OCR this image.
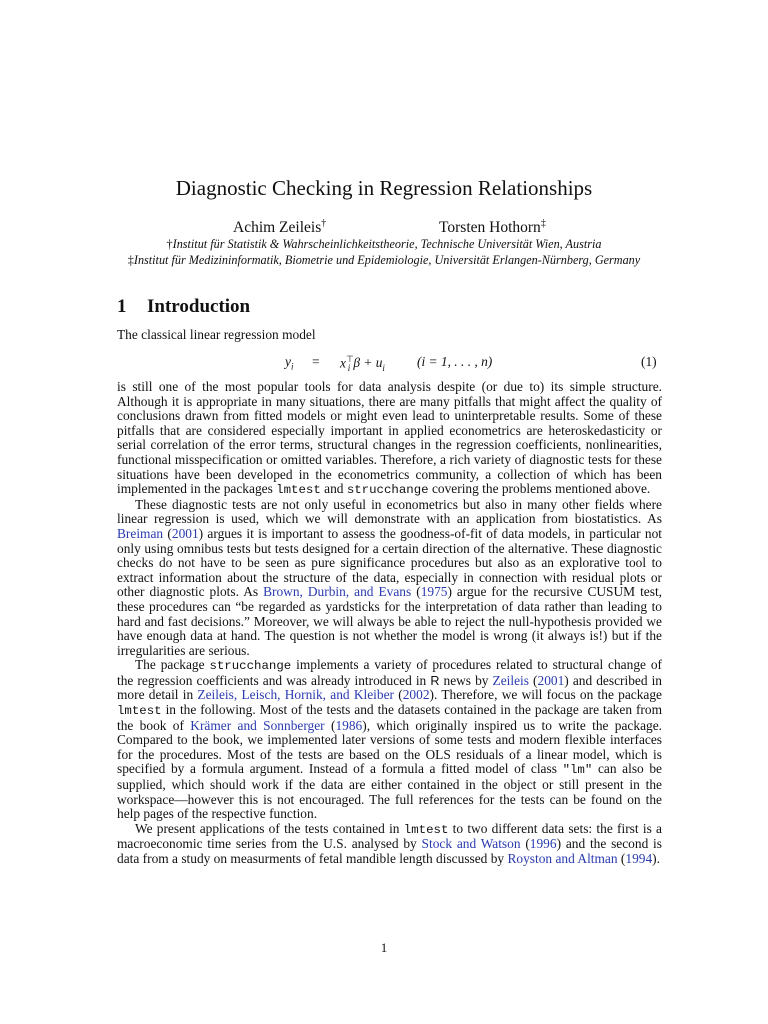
Diagnostic Checking in Regression Relationships
Achim Zeileis†	Torsten Hothorn‡
†Institut für Statistik & Wahrscheinlichkeitstheorie, Technische Universität Wien, Austria
‡Institut für Medizininformatik, Biometrie und Epidemiologie, Universität Erlangen-Nürnberg, Germany
1 Introduction
The classical linear regression model
$y_i = x^⊤_i$ $\beta + u_i$ (i = 1, . . . , n)	(1)

is still one of the most popular tools for data analysis despite (or due to) its simple structure. Although it is appropriate in many situations, there are many pitfalls that might affect the quality of conclusions drawn from fitted models or might even lead to uninterpretable results. Some of these pitfalls that are considered especially important in applied econometrics are heteroskedasticity or serial correlation of the error terms, structural changes in the regression coefficients, nonlinearities, functional misspecification or omitted variables. Therefore, a rich variety of diagnostic tests for these situations have been developed in the econometrics community, a collection of which has been implemented in the packages lmtest and strucchange covering the problems mentioned above.

These diagnostic tests are not only useful in econometrics but also in many other fields where linear regression is used, which we will demonstrate with an application from biostatistics. As Breiman (2001) argues it is important to assess the goodness-of-fit of data models, in particular not only using omnibus tests but tests designed for a certain direction of the alternative. These diagnostic checks do not have to be seen as pure significance procedures but also as an explorative tool to extract information about the structure of the data, especially in connection with residual plots or other diagnostic plots. As Brown, Durbin, and Evans (1975) argue for the recursive CUSUM test, these procedures can “be regarded as yardsticks for the interpretation of data rather than leading to hard and fast decisions.” Moreover, we will always be able to reject the null-hypothesis provided we have enough data at hand. The question is not whether the model is wrong (it always is!) but if the irregularities are serious.

The package strucchange implements a variety of procedures related to structural change of the regression coefficients and was already introduced in R news by Zeileis (2001) and described in more detail in Zeileis, Leisch, Hornik, and Kleiber (2002). Therefore, we will focus on the package lmtest in the following. Most of the tests and the datasets contained in the package are taken from the book of Krämer and Sonnberger (1986), which originally inspired us to write the package. Compared to the book, we implemented later versions of some tests and modern flexible interfaces for the procedures. Most of the tests are based on the OLS residuals of a linear model, which is specified by a formula argument. Instead of a formula a fitted model of class "lm" can also be supplied, which should work if the data are either contained in the object or still present in the workspace—however this is not encouraged. The full references for the tests can be found on the help pages of the respective function.

We present applications of the tests contained in lmtest to two different data sets: the first is a macroeconomic time series from the U.S. analysed by Stock and Watson (1996) and the second is data from a study on measurments of fetal mandible length discussed by Royston and Altman (1994).

1
